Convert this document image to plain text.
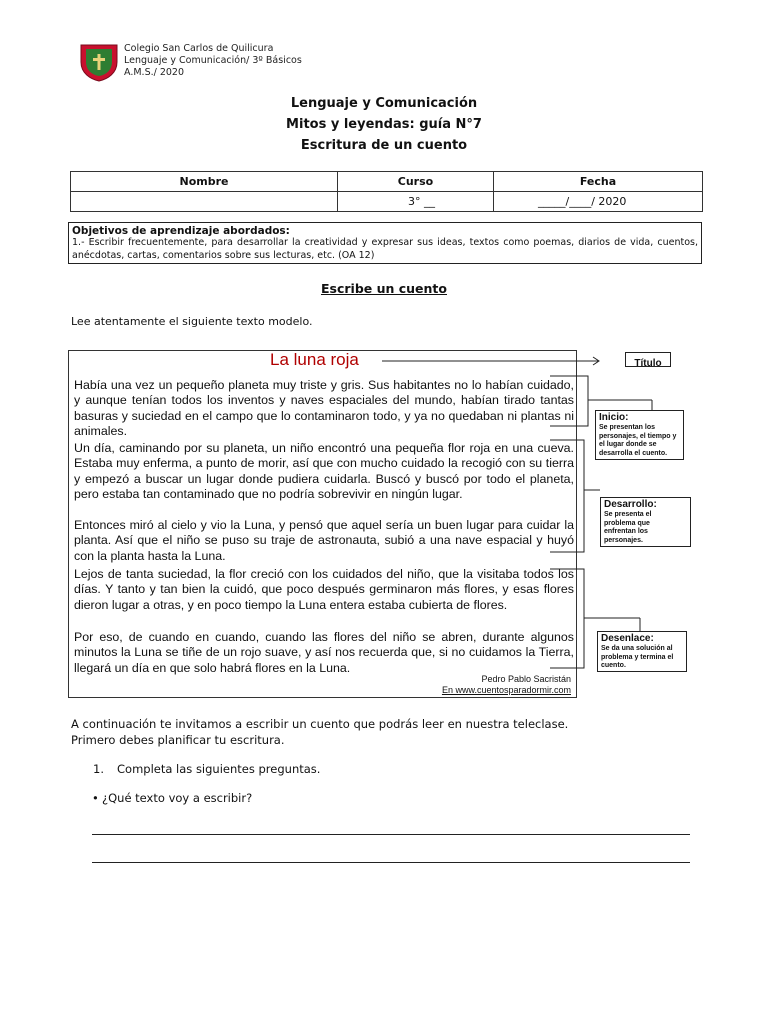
Colegio San Carlos de Quilicura
Lenguaje y Comunicación/ 3º Básicos
A.M.S./ 2020
Lenguaje y Comunicación
Mitos y leyendas: guía N°7
Escritura de un cuento
Nombre	Curso	Fecha
	3° __	_____/____/ 2020
Objetivos de aprendizaje abordados:
1.- Escribir frecuentemente, para desarrollar la creatividad y expresar sus ideas, textos como poemas, diarios de vida, cuentos, anécdotas, cartas, comentarios sobre sus lecturas, etc. (OA 12)
Escribe un cuento
Lee atentamente el siguiente texto modelo.
La luna roja
Había una vez un pequeño planeta muy triste y gris. Sus habitantes no lo habían cuidado, y aunque tenían todos los inventos y naves espaciales del mundo, habían tirado tantas basuras y suciedad en el campo que lo contaminaron todo, y ya no quedaban ni plantas ni animales.
Un día, caminando por su planeta, un niño encontró una pequeña flor roja en una cueva. Estaba muy enferma, a punto de morir, así que con mucho cuidado la recogió con su tierra y empezó a buscar un lugar donde pudiera cuidarla. Buscó y buscó por todo el planeta, pero estaba tan contaminado que no podría sobrevivir en ningún lugar.
Entonces miró al cielo y vio la Luna, y pensó que aquel sería un buen lugar para cuidar la planta. Así que el niño se puso su traje de astronauta, subió a una nave espacial y huyó con la planta hasta la Luna.
Lejos de tanta suciedad, la flor creció con los cuidados del niño, que la visitaba todos los días. Y tanto y tan bien la cuidó, que poco después germinaron más flores, y esas flores dieron lugar a otras, y en poco tiempo la Luna entera estaba cubierta de flores.
Por eso, de cuando en cuando, cuando las flores del niño se abren, durante algunos minutos la Luna se tiñe de un rojo suave, y así nos recuerda que, si no cuidamos la Tierra, llegará un día en que solo habrá flores en la Luna.
Pedro Pablo Sacristán
En www.cuentosparadormir.com
Título
Inicio:
Se presentan los personajes, el tiempo y el lugar donde se desarrolla el cuento.
Desarrollo:
Se presenta el problema que enfrentan los personajes.
Desenlace:
Se da una solución al problema y termina el cuento.
A continuación te invitamos a escribir un cuento que podrás leer en nuestra teleclase.
Primero debes planificar tu escritura.
1. Completa las siguientes preguntas.
• ¿Qué texto voy a escribir?
